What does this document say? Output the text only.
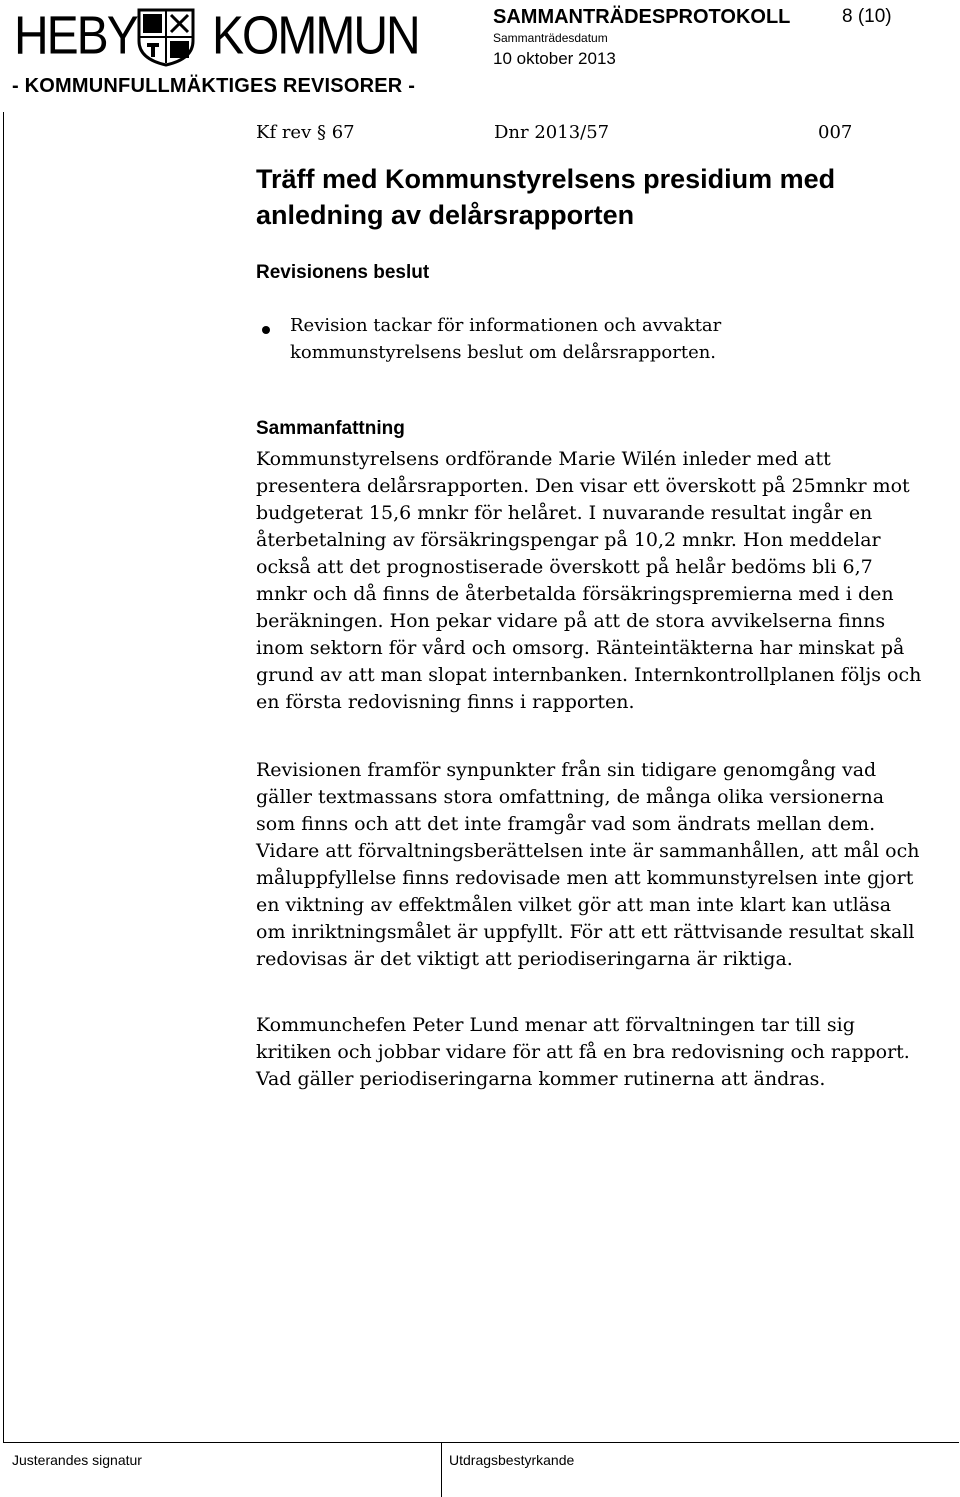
HEBY KOMMUN	SAMMANTRÄDESPROTOKOLL	8 (10)
Sammanträdesdatum
10 oktober 2013
- KOMMUNFULLMÄKTIGES REVISORER -
Kf rev § 67	Dnr 2013/57	007
Träff med Kommunstyrelsens presidium med anledning av delårsrapporten
Revisionens beslut
Revision tackar för informationen och avvaktar kommunstyrelsens beslut om delårsrapporten.
Sammanfattning
Kommunstyrelsens ordförande Marie Wilén inleder med att presentera delårsrapporten. Den visar ett överskott på 25mnkr mot budgeterat 15,6 mnkr för helåret. I nuvarande resultat ingår en återbetalning av försäkringspengar på 10,2 mnkr. Hon meddelar också att det prognostiserade överskott på helår bedöms bli 6,7 mnkr och då finns de återbetalda försäkringspremierna med i den beräkningen. Hon pekar vidare på att de stora avvikelserna finns inom sektorn för vård och omsorg. Ränteintäkterna har minskat på grund av att man slopat internbanken. Internkontrollplanen följs och en första redovisning finns i rapporten.
Revisionen framför synpunkter från sin tidigare genomgång vad gäller textmassans stora omfattning, de många olika versionerna som finns och att det inte framgår vad som ändrats mellan dem. Vidare att förvaltningsberättelsen inte är sammanhållen, att mål och måluppfyllelse finns redovisade men att kommunstyrelsen inte gjort en viktning av effektmålen vilket gör att man inte klart kan utläsa om inriktningsmålet är uppfyllt. För att ett rättvisande resultat skall redovisas är det viktigt att periodiseringarna är riktiga.
Kommunchefen Peter Lund menar att förvaltningen tar till sig kritiken och jobbar vidare för att få en bra redovisning och rapport. Vad gäller periodiseringarna kommer rutinerna att ändras.
Justerandes signatur	Utdragsbestyrkande
